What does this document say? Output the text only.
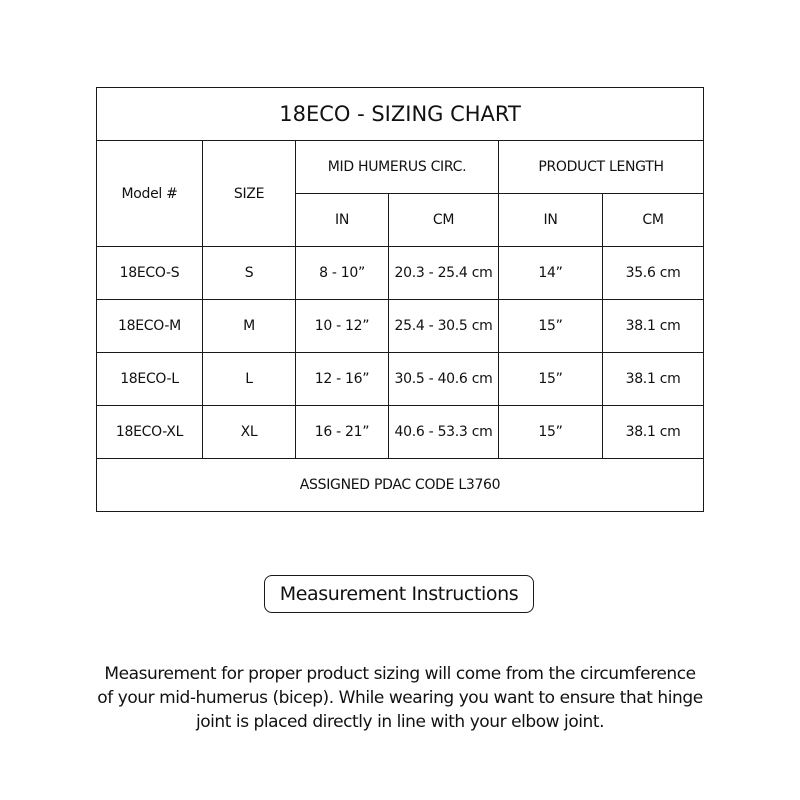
18ECO - SIZING CHART					
Model #	SIZE	MID HUMERUS CIRC.		PRODUCT LENGTH	
		IN	CM	IN	CM
18ECO-S	S	8 - 10”	20.3 - 25.4 cm	14”	35.6 cm
18ECO-M	M	10 - 12”	25.4 - 30.5 cm	15”	38.1 cm
18ECO-L	L	12 - 16”	30.5 - 40.6 cm	15”	38.1 cm
18ECO-XL	XL	16 - 21”	40.6 - 53.3 cm	15”	38.1 cm
ASSIGNED PDAC CODE L3760					
Measurement Instructions
Measurement for proper product sizing will come from the circumference
of your mid-humerus (bicep). While wearing you want to ensure that hinge
joint is placed directly in line with your elbow joint.
